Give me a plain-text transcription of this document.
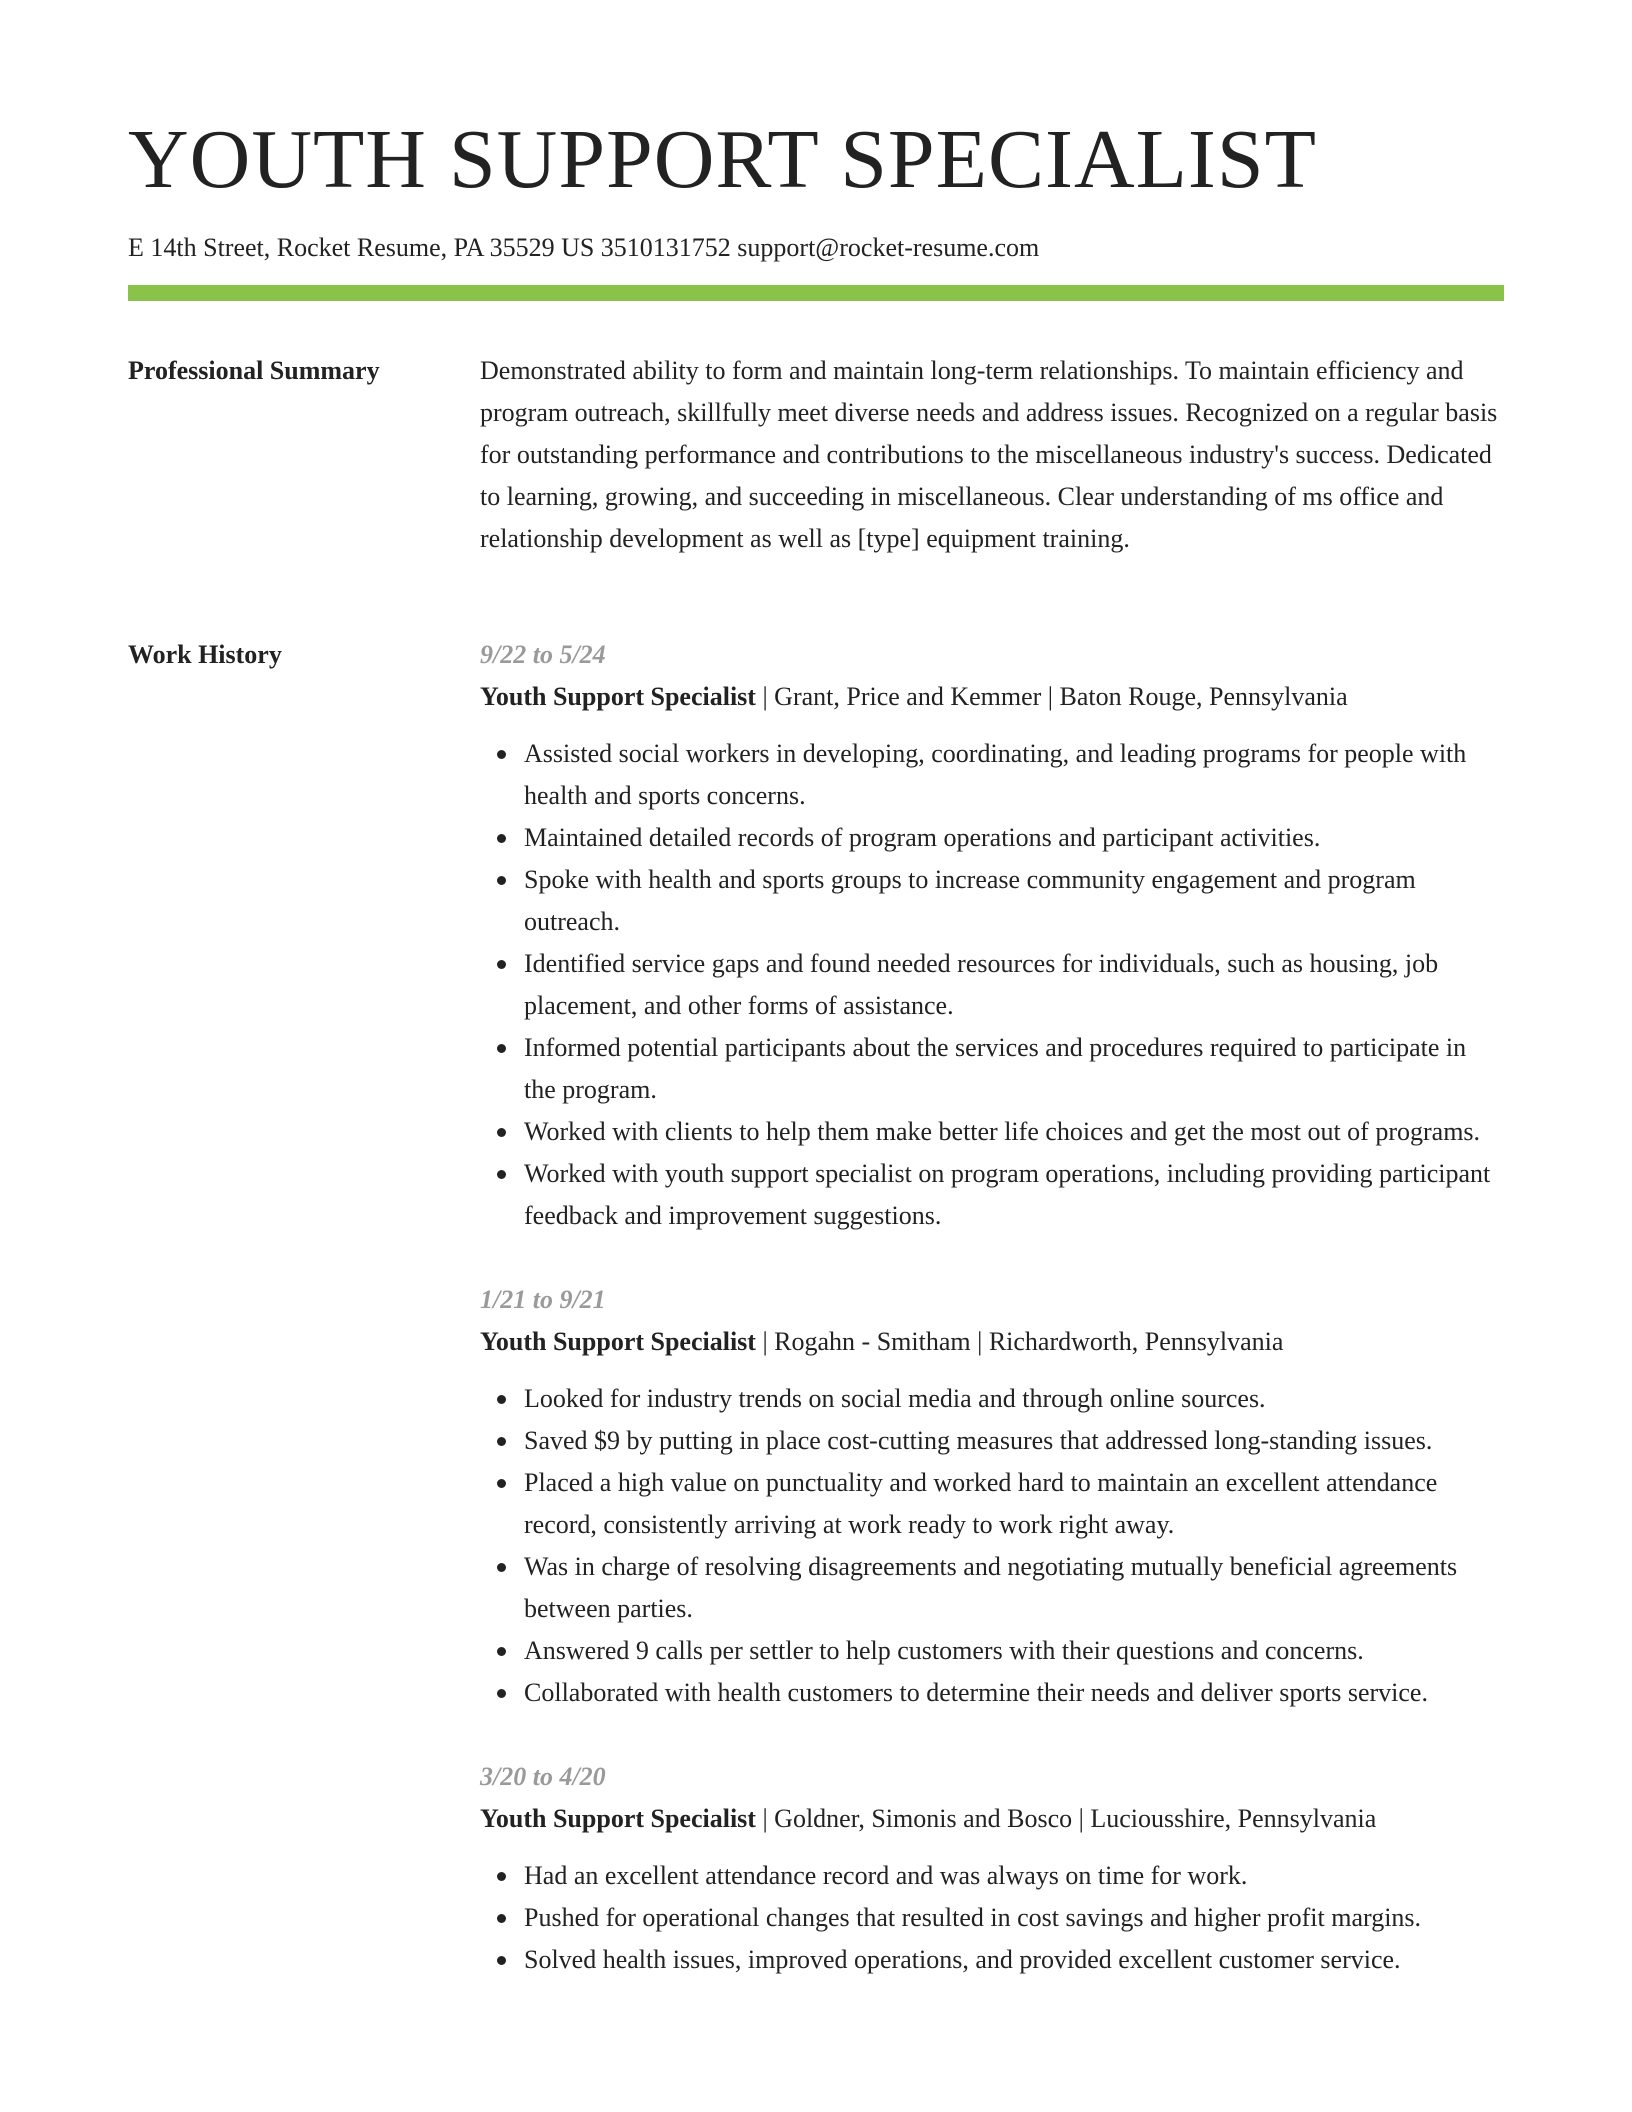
YOUTH SUPPORT SPECIALIST
E 14th Street, Rocket Resume, PA 35529 US 3510131752 support@rocket-resume.com
Professional Summary	Demonstrated ability to form and maintain long-term relationships. To maintain efficiency and program outreach, skillfully meet diverse needs and address issues. Recognized on a regular basis for outstanding performance and contributions to the miscellaneous industry's success. Dedicated to learning, growing, and succeeding in miscellaneous. Clear understanding of ms office and relationship development as well as [type] equipment training.

Work History	9/22 to 5/24
Youth Support Specialist | Grant, Price and Kemmer | Baton Rouge, Pennsylvania
Assisted social workers in developing, coordinating, and leading programs for people with health and sports concerns.
Maintained detailed records of program operations and participant activities.
Spoke with health and sports groups to increase community engagement and program outreach.
Identified service gaps and found needed resources for individuals, such as housing, job placement, and other forms of assistance.
Informed potential participants about the services and procedures required to participate in the program.
Worked with clients to help them make better life choices and get the most out of programs.
Worked with youth support specialist on program operations, including providing participant feedback and improvement suggestions.
1/21 to 9/21
Youth Support Specialist | Rogahn - Smitham | Richardworth, Pennsylvania
Looked for industry trends on social media and through online sources.
Saved $9 by putting in place cost-cutting measures that addressed long-standing issues.
Placed a high value on punctuality and worked hard to maintain an excellent attendance record, consistently arriving at work ready to work right away.
Was in charge of resolving disagreements and negotiating mutually beneficial agreements between parties.
Answered 9 calls per settler to help customers with their questions and concerns.
Collaborated with health customers to determine their needs and deliver sports service.
3/20 to 4/20
Youth Support Specialist | Goldner, Simonis and Bosco | Luciousshire, Pennsylvania
Had an excellent attendance record and was always on time for work.
Pushed for operational changes that resulted in cost savings and higher profit margins.
Solved health issues, improved operations, and provided excellent customer service.
